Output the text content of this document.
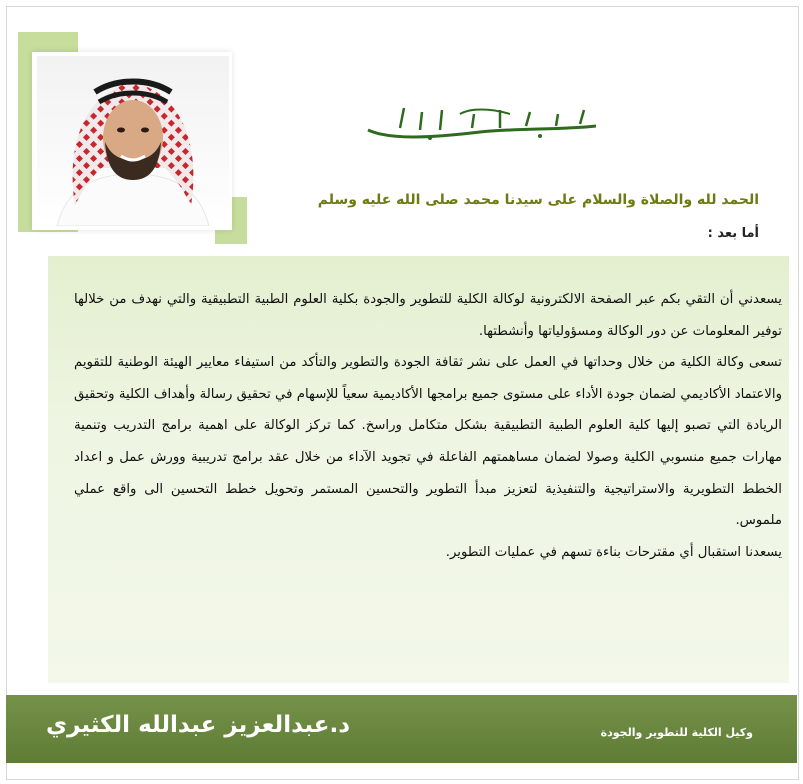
الحمد لله والصلاة والسلام على سيدنا محمد صلى الله عليه وسلم
أما بعد :

يسعدني أن التقي بكم عبر الصفحة الالكترونية لوكالة الكلية للتطوير والجودة بكلية العلوم الطبية التطبيقية والتي نهدف من خلالها توفير المعلومات عن دور الوكالة ومسؤولياتها وأنشطتها.

تسعى وكالة الكلية من خلال وحداتها في العمل على نشر ثقافة الجودة والتطوير والتأكد من استيفاء معايير الهيئة الوطنية للتقويم والاعتماد الأكاديمي لضمان جودة الأداء على مستوى جميع برامجها الأكاديمية سعياً للإسهام في تحقيق رسالة وأهداف الكلية وتحقيق الريادة التي تصبو إليها كلية العلوم الطبية التطبيقية بشكل متكامل وراسخ. كما تركز الوكالة على اهمية برامج التدريب وتنمية مهارات جميع منسوبي الكلية وصولا لضمان مساهمتهم الفاعلة في تجويد الآداء من خلال عقد برامج تدريبية وورش عمل و اعداد الخطط التطويرية والاستراتيجية والتنفيذية لتعزيز مبدأ التطوير والتحسين المستمر وتحويل خطط التحسين الى واقع عملي ملموس.

يسعدنا استقبال أي مقترحات بناءة تسهم في عمليات التطوير.

د.عبدالعزيز عبدالله الكثيري	وكيل الكلية للتطوير والجودة
